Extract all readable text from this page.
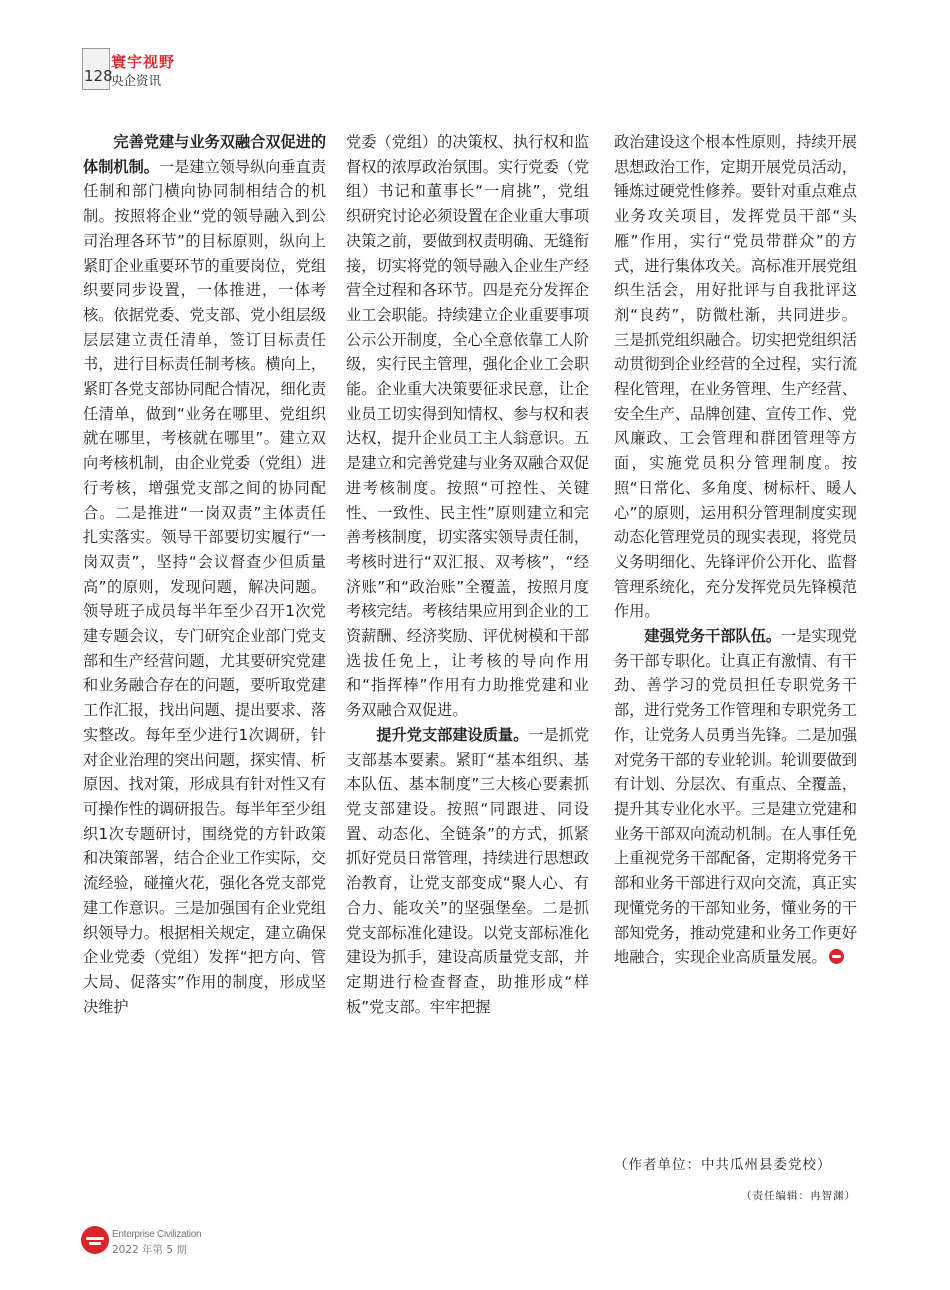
128
寰宇视野
央企资讯

完善党建与业务双融合双促进的体制机制。一是建立领导纵向垂直责任制和部门横向协同制相结合的机制。按照将企业“党的领导融入到公司治理各环节”的目标原则，纵向上紧盯企业重要环节的重要岗位，党组织要同步设置，一体推进，一体考核。依据党委、党支部、党小组层级层层建立责任清单，签订目标责任书，进行目标责任制考核。横向上，紧盯各党支部协同配合情况，细化责任清单，做到“业务在哪里、党组织就在哪里，考核就在哪里”。建立双向考核机制，由企业党委（党组）进行考核，增强党支部之间的协同配合。二是推进“一岗双责”主体责任扎实落实。领导干部要切实履行“一岗双责”，坚持“会议督查少但质量高”的原则，发现问题，解决问题。领导班子成员每半年至少召开1次党建专题会议，专门研究企业部门党支部和生产经营问题，尤其要研究党建和业务融合存在的问题，要听取党建工作汇报，找出问题、提出要求、落实整改。每年至少进行1次调研，针对企业治理的突出问题，探实情、析原因、找对策，形成具有针对性又有可操作性的调研报告。每半年至少组织1次专题研讨，围绕党的方针政策和决策部署，结合企业工作实际，交流经验，碰撞火花，强化各党支部党建工作意识。三是加强国有企业党组织领导力。根据相关规定，建立确保企业党委（党组）发挥“把方向、管大局、促落实”作用的制度，形成坚决维护

党委（党组）的决策权、执行权和监督权的浓厚政治氛围。实行党委（党组）书记和董事长“一肩挑”，党组织研究讨论必须设置在企业重大事项决策之前，要做到权责明确、无缝衔接，切实将党的领导融入企业生产经营全过程和各环节。四是充分发挥企业工会职能。持续建立企业重要事项公示公开制度，全心全意依靠工人阶级，实行民主管理，强化企业工会职能。企业重大决策要征求民意，让企业员工切实得到知情权、参与权和表达权，提升企业员工主人翁意识。五是建立和完善党建与业务双融合双促进考核制度。按照“可控性、关键性、一致性、民主性”原则建立和完善考核制度，切实落实领导责任制，考核时进行“双汇报、双考核”，“经济账”和“政治账”全覆盖，按照月度考核完结。考核结果应用到企业的工资薪酬、经济奖励、评优树模和干部选拔任免上，让考核的导向作用和“指挥棒”作用有力助推党建和业务双融合双促进。

提升党支部建设质量。一是抓党支部基本要素。紧盯“基本组织、基本队伍、基本制度”三大核心要素抓党支部建设。按照“同跟进、同设置、动态化、全链条”的方式，抓紧抓好党员日常管理，持续进行思想政治教育，让党支部变成“聚人心、有合力、能攻关”的坚强堡垒。二是抓党支部标准化建设。以党支部标准化建设为抓手，建设高质量党支部，并定期进行检查督查，助推形成“样板”党支部。牢牢把握

政治建设这个根本性原则，持续开展思想政治工作，定期开展党员活动，锤炼过硬党性修养。要针对重点难点业务攻关项目，发挥党员干部“头雁”作用，实行“党员带群众”的方式，进行集体攻关。高标准开展党组织生活会，用好批评与自我批评这剂“良药”，防微杜渐，共同进步。三是抓党组织融合。切实把党组织活动贯彻到企业经营的全过程，实行流程化管理，在业务管理、生产经营、安全生产、品牌创建、宣传工作、党风廉政、工会管理和群团管理等方面，实施党员积分管理制度。按照“日常化、多角度、树标杆、暖人心”的原则，运用积分管理制度实现动态化管理党员的现实表现，将党员义务明细化、先锋评价公开化、监督管理系统化，充分发挥党员先锋模范作用。

建强党务干部队伍。一是实现党务干部专职化。让真正有激情、有干劲、善学习的党员担任专职党务干部，进行党务工作管理和专职党务工作，让党务人员勇当先锋。二是加强对党务干部的专业轮训。轮训要做到有计划、分层次、有重点、全覆盖，提升其专业化水平。三是建立党建和业务干部双向流动机制。在人事任免上重视党务干部配备，定期将党务干部和业务干部进行双向交流，真正实现懂党务的干部知业务，懂业务的干部知党务，推动党建和业务工作更好地融合，实现企业高质量发展。

（作者单位：中共瓜州县委党校）
（责任编辑：冉智渊）
Enterprise Civilization
2022 年第 5 期
